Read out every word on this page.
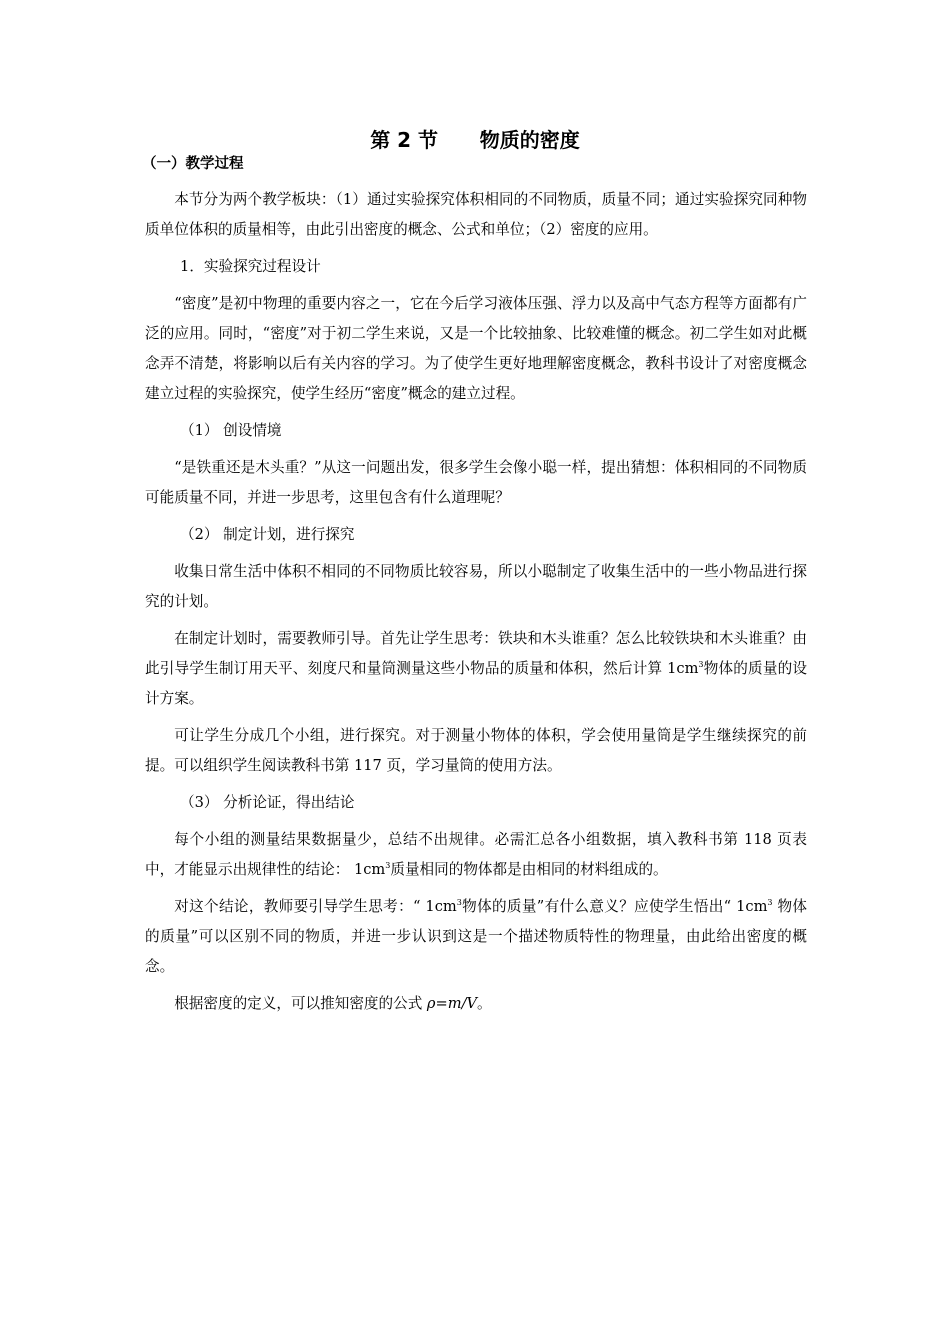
第 2 节      物质的密度
（一）教学过程

本节分为两个教学板块：（1）通过实验探究体积相同的不同物质，质量不同；通过实验探究同种物质单位体积的质量相等，由此引出密度的概念、公式和单位；（2）密度的应用。

1．实验探究过程设计

“密度”是初中物理的重要内容之一，它在今后学习液体压强、浮力以及高中气态方程等方面都有广泛的应用。同时，“密度”对于初二学生来说，又是一个比较抽象、比较难懂的概念。初二学生如对此概念弄不清楚，将影响以后有关内容的学习。为了使学生更好地理解密度概念，教科书设计了对密度概念建立过程的实验探究，使学生经历“密度”概念的建立过程。

（1） 创设情境

“是铁重还是木头重？”从这一问题出发，很多学生会像小聪一样，提出猜想：体积相同的不同物质可能质量不同，并进一步思考，这里包含有什么道理呢？

（2） 制定计划，进行探究

收集日常生活中体积不相同的不同物质比较容易，所以小聪制定了收集生活中的一些小物品进行探究的计划。

在制定计划时，需要教师引导。首先让学生思考：铁块和木头谁重？怎么比较铁块和木头谁重？由此引导学生制订用天平、刻度尺和量筒测量这些小物品的质量和体积，然后计算 $1cm^3$物体的质量的设计方案。

可让学生分成几个小组，进行探究。对于测量小物体的体积，学会使用量筒是学生继续探究的前提。可以组织学生阅读教科书第 117 页，学习量筒的使用方法。

（3） 分析论证，得出结论

每个小组的测量结果数据量少，总结不出规律。必需汇总各小组数据，填入教科书第 118 页表中，才能显示出规律性的结论： $1cm^3$质量相同的物体都是由相同的材料组成的。

对这个结论，教师要引导学生思考：“ $1cm^3$物体的质量”有什么意义？应使学生悟出“ $1cm^3$ 物体的质量”可以区别不同的物质，并进一步认识到这是一个描述物质特性的物理量，由此给出密度的概念。

根据密度的定义，可以推知密度的公式 ρ=m/V。
